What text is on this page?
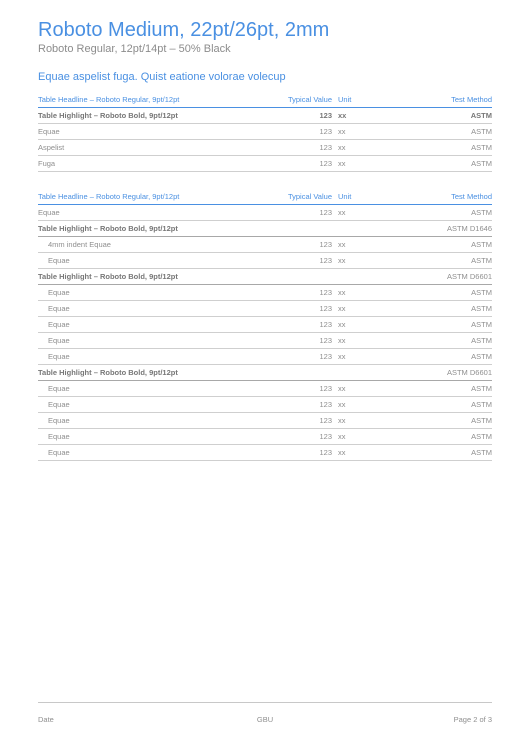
Roboto Medium, 22pt/26pt, 2mm
Roboto Regular, 12pt/14pt – 50% Black
Equae aspelist fuga. Quist eatione volorae volecup
Table Headline – Roboto Regular, 9pt/12pt	Typical Value	Unit	Test Method
Table Highlight – Roboto Bold, 9pt/12pt	123	xx	ASTM
Equae	123	xx	ASTM
Aspelist	123	xx	ASTM
Fuga	123	xx	ASTM
Table Headline – Roboto Regular, 9pt/12pt	Typical Value	Unit	Test Method
Equae	123	xx	ASTM
Table Highlight – Roboto Bold, 9pt/12pt			ASTM D1646
4mm indent Equae	123	xx	ASTM
Equae	123	xx	ASTM
Table Highlight – Roboto Bold, 9pt/12pt			ASTM D6601
Equae	123	xx	ASTM
Equae	123	xx	ASTM
Equae	123	xx	ASTM
Equae	123	xx	ASTM
Equae	123	xx	ASTM
Table Highlight – Roboto Bold, 9pt/12pt			ASTM D6601
Equae	123	xx	ASTM
Equae	123	xx	ASTM
Equae	123	xx	ASTM
Equae	123	xx	ASTM
Equae	123	xx	ASTM
Date	GBU	Page 2 of 3
